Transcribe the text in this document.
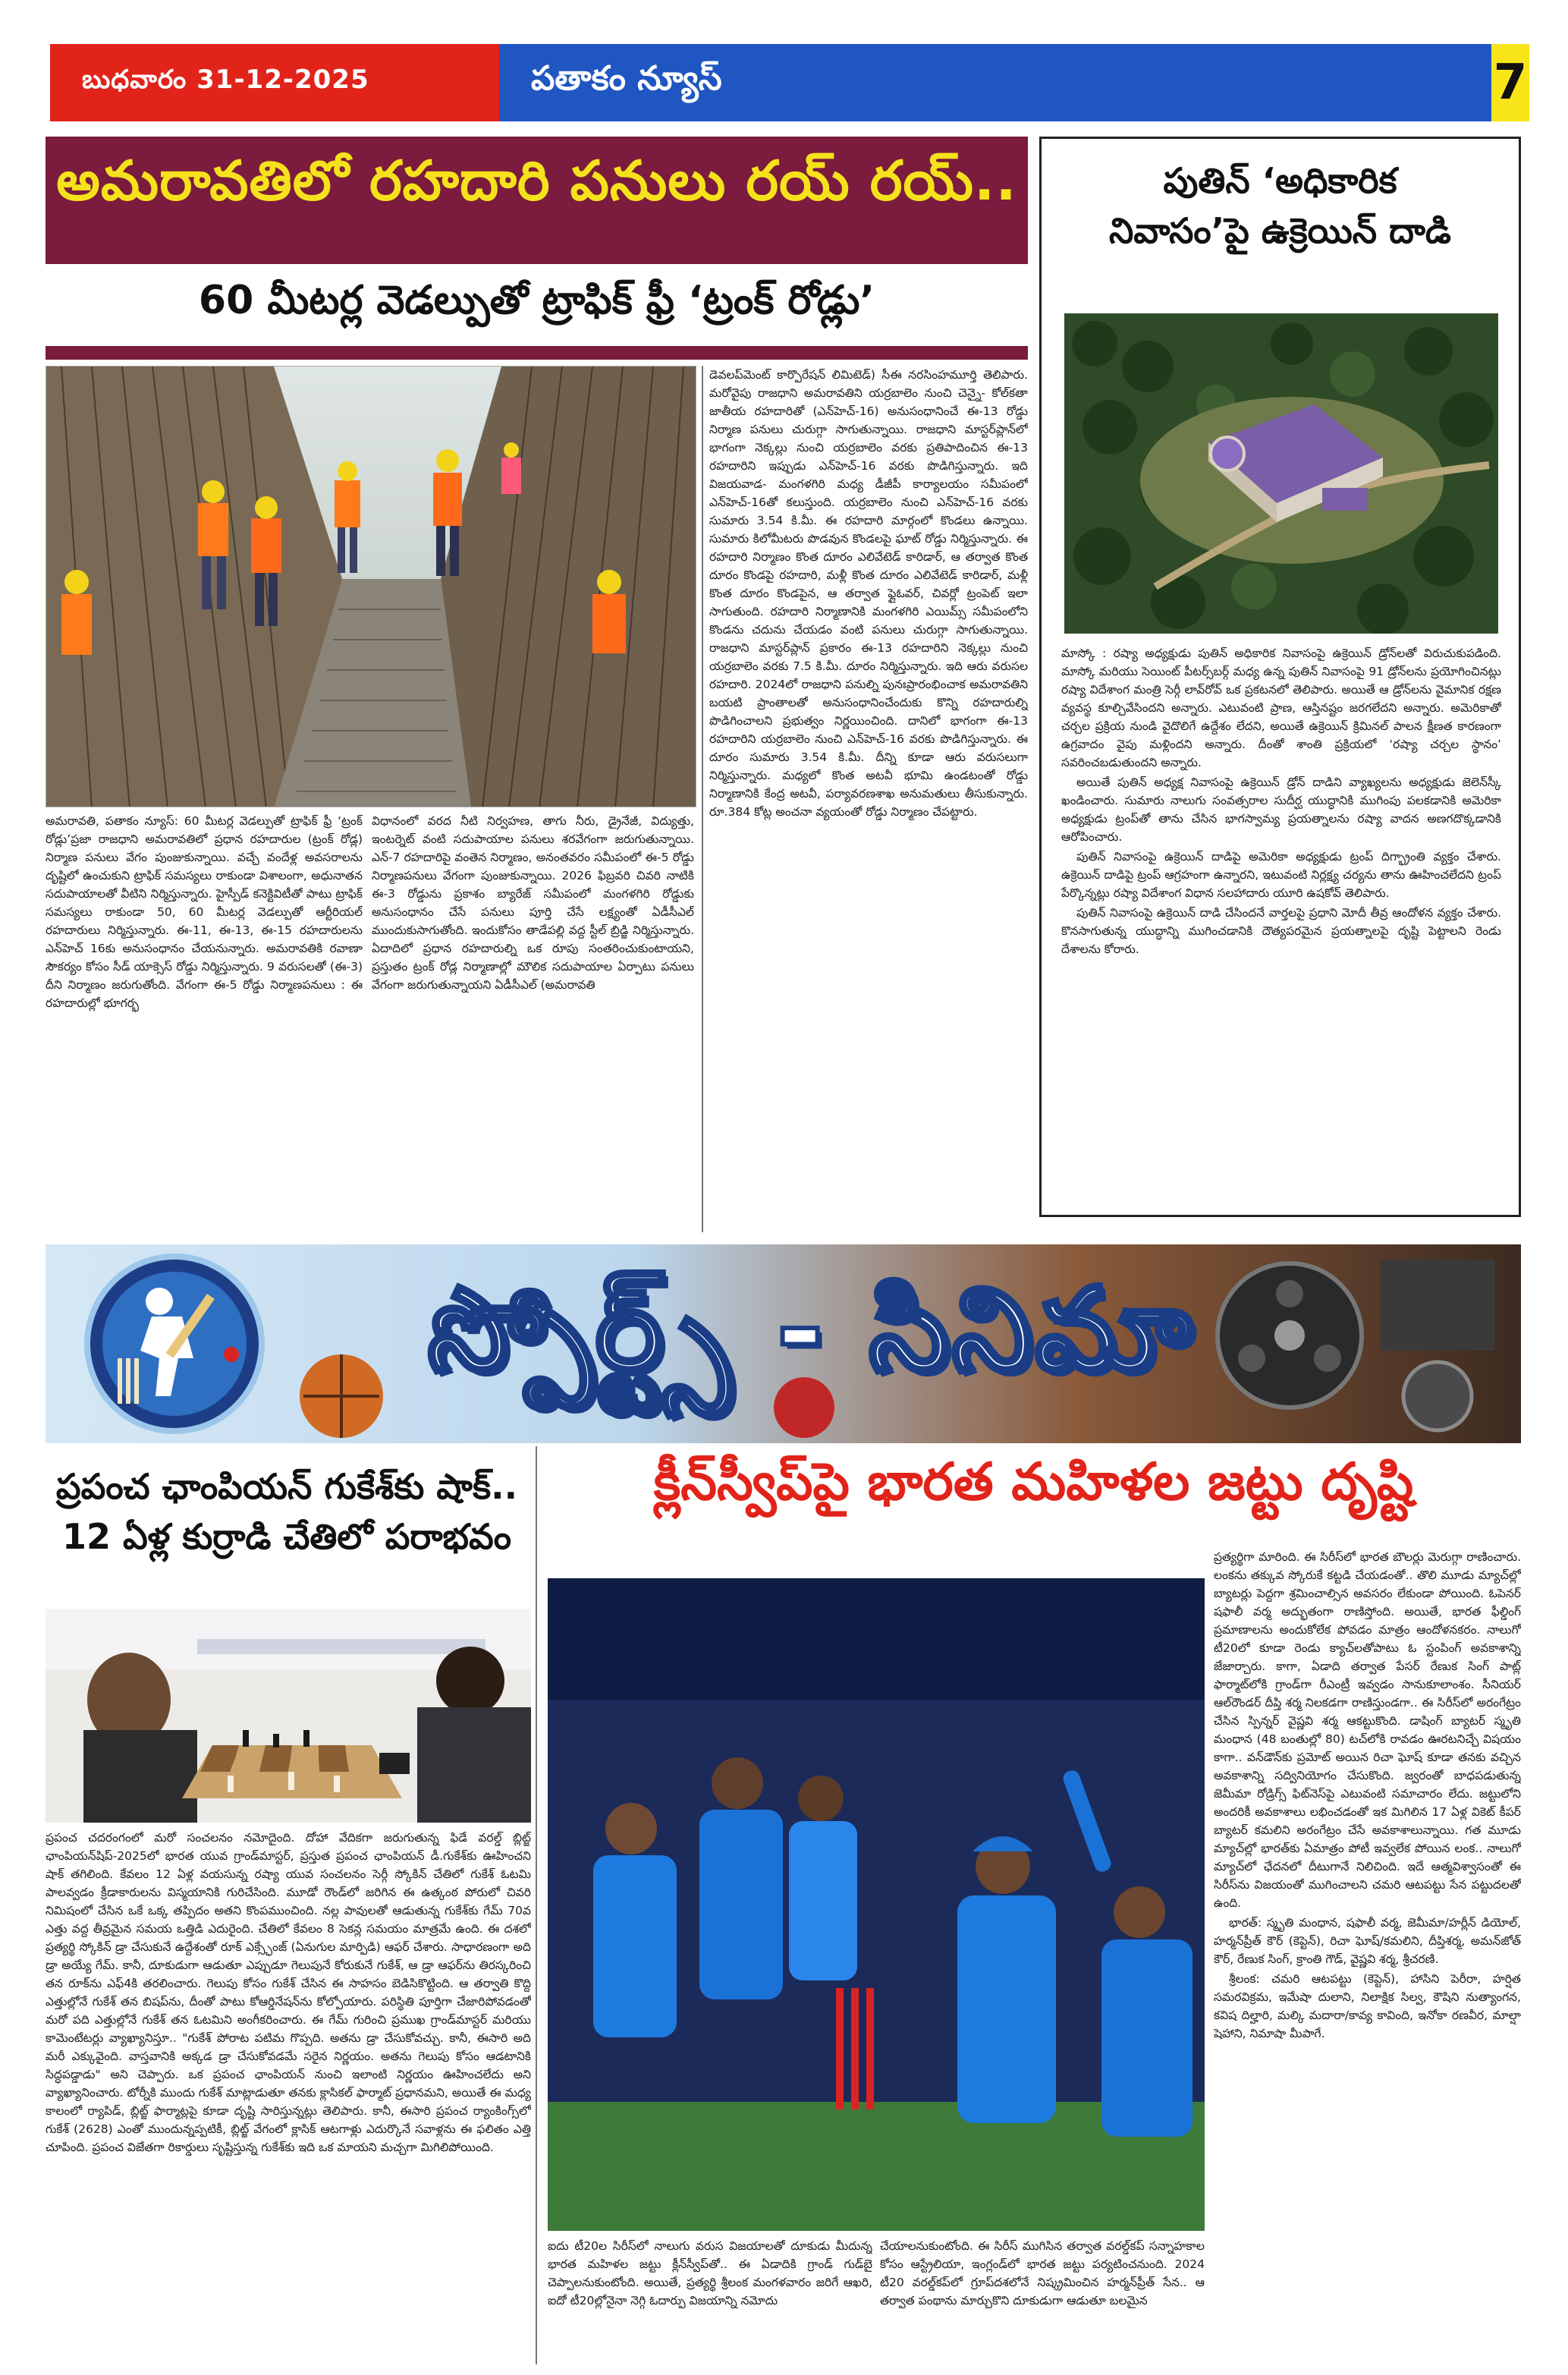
బుధవారం 31-12-2025	పతాకం న్యూస్	7
అమరావతిలో రహదారి పనులు రయ్ రయ్..
60 మీటర్ల వెడల్పుతో ట్రాఫిక్ ఫ్రీ ‘ట్రంక్ రోడ్లు’

అమరావతి, పతాకం న్యూస్: 60 మీటర్ల వెడల్పుతో ట్రాఫిక్ ఫ్రీ ‘ట్రంక్ రోడ్లు’ప్రజా రాజధాని అమరావతిలో ప్రధాన రహదారుల (ట్రంక్ రోడ్ల) నిర్మాణ పనులు వేగం పుంజుకున్నాయి. వచ్చే వందేళ్ల అవసరాలను దృష్టిలో ఉంచుకుని ట్రాఫిక్ సమస్యలు రాకుండా విశాలంగా, అధునాతన సదుపాయాలతో వీటిని నిర్మిస్తున్నారు. హైస్పీడ్ కనెక్టివిటీతో పాటు ట్రాఫిక్ సమస్యలు రాకుండా 50, 60 మీటర్ల వెడల్పుతో ఆర్టీరియల్ రహదారులు నిర్మిస్తున్నారు. ఈ-11, ఈ-13, ఈ-15 రహదారులను ఎన్‌హెచ్ 16కు అనుసంధానం చేయనున్నారు. అమరావతికి రవాణా సౌకర్యం కోసం సీడ్ యాక్సెస్ రోడ్డు నిర్మిస్తున్నారు. 9 వరుసలతో (ఈ-3) దీని నిర్మాణం జరుగుతోంది. వేగంగా ఈ-5 రోడ్డు నిర్మాణపనులు : ఈ రహదారుల్లో భూగర్భ

విధానంలో వరద నీటి నిర్వహణ, తాగు నీరు, డ్రైనేజీ, విద్యుత్తు, ఇంటర్నెట్ వంటి సదుపాయాల పనులు శరవేగంగా జరుగుతున్నాయి. ఎన్-7 రహదారిపై వంతెన నిర్మాణం, అనంతవరం సమీపంలో ఈ-5 రోడ్డు నిర్మాణపనులు వేగంగా పుంజుకున్నాయి. 2026 ఫిబ్రవరి చివరి నాటికి ఈ-3 రోడ్డును ప్రకాశం బ్యారేజ్ సమీపంలో మంగళగిరి రోడ్డుకు అనుసంధానం చేసే పనులు పూర్తి చేసే లక్ష్యంతో ఏడీసీఎల్ ముందుకుసాగుతోంది. ఇందుకోసం తాడేపల్లి వద్ద స్టీల్ బ్రిడ్జి నిర్మిస్తున్నారు. ఏదాదిలో ప్రధాన రహదారుల్ని ఒక రూపు సంతరించుకుంటాయని, ప్రస్తుతం ట్రంక్ రోడ్ల నిర్మాణాల్లో మౌలిక సదుపాయాల ఏర్పాటు పనులు వేగంగా జరుగుతున్నాయని ఏడీసీఎల్ (అమరావతి

డెవలప్‌మెంట్ కార్పొరేషన్ లిమిటెడ్) సీఈ నరసింహమూర్తి తెలిపారు. మరోవైపు రాజధాని అమరావతిని యర్రబాలెం నుంచి చెన్నై- కోల్‌కతా జాతీయ రహదారితో (ఎన్‌హెచ్-16) అనుసంధానించే ఈ-13 రోడ్డు నిర్మాణ పనులు చురుగ్గా సాగుతున్నాయి. రాజధాని మాస్టర్‌ప్లాన్‌లో భాగంగా నెక్కల్లు నుంచి యర్రబాలెం వరకు ప్రతిపాదించిన ఈ-13 రహదారిని ఇప్పుడు ఎన్‌హెచ్-16 వరకు పొడిగిస్తున్నారు. ఇది విజయవాడ- మంగళగిరి మధ్య డీజీపీ కార్యాలయం సమీపంలో ఎన్‌హెచ్-16తో కలుస్తుంది. యర్రబాలెం నుంచి ఎన్‌హెచ్-16 వరకు సుమారు 3.54 కి.మీ. ఈ రహదారి మార్గంలో కొండలు ఉన్నాయి. సుమారు కిలోమీటరు పొడవున కొండలపై ఘాట్ రోడ్డు నిర్మిస్తున్నారు. ఈ రహదారి నిర్మాణం కొంత దూరం ఎలివేటెడ్ కారిడార్, ఆ తర్వాత కొంత దూరం కొండపై రహదారి, మళ్లీ కొంత దూరం ఎలివేటెడ్ కారిడార్, మళ్లీ కొంత దూరం కొండపైన, ఆ తర్వాత ఫ్లైఓవర్, చివర్లో ట్రంపెట్ ఇలా సాగుతుంది. రహదారి నిర్మాణానికి మంగళగిరి ఎయిమ్స్ సమీపంలోని కొండను చదును చేయడం వంటి పనులు చురుగ్గా సాగుతున్నాయి. రాజధాని మాస్టర్‌ప్లాన్ ప్రకారం ఈ-13 రహదారిని నెక్కల్లు నుంచి యర్రబాలెం వరకు 7.5 కి.మీ. దూరం నిర్మిస్తున్నారు. ఇది ఆరు వరుసల రహదారి. 2024లో రాజధాని పనుల్ని పునఃప్రారంభించాక అమరావతిని బయటి ప్రాంతాలతో అనుసంధానించేందుకు కొన్ని రహదారుల్ని పొడిగించాలని ప్రభుత్వం నిర్ణయించింది. దానిలో భాగంగా ఈ-13 రహదారిని యర్రబాలెం నుంచి ఎన్‌హెచ్-16 వరకు పొడిగిస్తున్నారు. ఈ దూరం సుమారు 3.54 కి.మీ. దీన్ని కూడా ఆరు వరుసలుగా నిర్మిస్తున్నారు. మధ్యలో కొంత అటవీ భూమి ఉండటంతో రోడ్డు నిర్మాణానికి కేంద్ర అటవీ, పర్యావరణశాఖ అనుమతులు తీసుకున్నారు. రూ.384 కోట్ల అంచనా వ్యయంతో రోడ్డు నిర్మాణం చేపట్టారు.

పుతిన్ ‘అధికారిక
నివాసం’పై ఉక్రెయిన్ దాడి

మాస్కో : రష్యా అధ్యక్షుడు పుతిన్ అధికారిక నివాసంపై ఉక్రెయిన్ డ్రోన్‌లతో విరుచుకుపడింది. మాస్కో మరియు సెయింట్ పీటర్స్‌బర్గ్ మధ్య ఉన్న పుతిన్ నివాసంపై 91 డ్రోన్‌లను ప్రయోగించినట్లు రష్యా విదేశాంగ మంత్రి సెర్గీ లావ్‌రోవ్ ఒక ప్రకటనలో తెలిపారు. అయితే ఆ డ్రోన్‌లను వైమానిక రక్షణ వ్యవస్థ కూల్చివేసిందని అన్నారు. ఎటువంటి ప్రాణ, ఆస్తినష్టం జరగలేదని అన్నారు. అమెరికాతో చర్చల ప్రక్రియ నుండి వైదొలిగే ఉద్దేశం లేదని, అయితే ఉక్రెయిన్ క్రిమినల్ పాలన క్షీణత కారణంగా ఉగ్రవాదం వైపు మళ్లిందని అన్నారు. దీంతో శాంతి ప్రక్రియలో ‘రష్యా చర్చల స్థానం’ సవరించబడుతుందని అన్నారు.

అయితే పుతిన్ అధ్యక్ష నివాసంపై ఉక్రెయిన్ డ్రోన్ దాడిని వ్యాఖ్యలను అధ్యక్షుడు జెలెన్‌స్కీ ఖండించారు. సుమారు నాలుగు సంవత్సరాల సుదీర్ఘ యుద్ధానికి ముగింపు పలకడానికి అమెరికా అధ్యక్షుడు ట్రంప్‌తో తాను చేసిన భాగస్వామ్య ప్రయత్నాలను రష్యా వాదన అణగదొక్కడానికి ఆరోపించారు.

పుతిన్ నివాసంపై ఉక్రెయిన్ దాడిపై అమెరికా అధ్యక్షుడు ట్రంప్ దిగ్భ్రాంతి వ్యక్తం చేశారు. ఉక్రెయిన్ దాడిపై ట్రంప్ ఆగ్రహంగా ఉన్నారని, ఇటువంటి నిర్లక్ష్య చర్యను తాను ఊహించలేదని ట్రంప్ పేర్కొన్నట్లు రష్యా విదేశాంగ విధాన సలహాదారు యూరి ఉషకోవ్ తెలిపారు.

పుతిన్ నివాసంపై ఉక్రెయిన్ దాడి చేసిందనే వార్తలపై ప్రధాని మోదీ తీవ్ర ఆందోళన వ్యక్తం చేశారు. కొనసాగుతున్న యుద్ధాన్ని ముగించడానికి దౌత్యపరమైన ప్రయత్నాలపై దృష్టి పెట్టాలని రెండు దేశాలను కోరారు.

స్పోర్ట్స్ - సినిమా
ప్రపంచ ఛాంపియన్ గుకేశ్‌కు షాక్..
12 ఏళ్ల కుర్రాడి చేతిలో పరాభవం

ప్రపంచ చదరంగంలో మరో సంచలనం నమోదైంది. దోహా వేదికగా జరుగుతున్న ఫిడే వరల్డ్ బ్లిట్జ్ ఛాంపియన్‌షిప్-2025లో భారత యువ గ్రాండ్‌మాస్టర్, ప్రస్తుత ప్రపంచ ఛాంపియన్ డీ.గుకేశ్‌కు ఊహించని షాక్ తగిలింది. కేవలం 12 ఏళ్ల వయసున్న రష్యా యువ సంచలనం సెర్గీ స్కోకిన్ చేతిలో గుకేశ్ ఓటమి పాలవ్వడం క్రీడాకారులను విస్మయానికి గురిచేసింది. మూడో రౌండ్‌లో జరిగిన ఈ ఉత్కంఠ పోరులో చివరి నిమిషంలో చేసిన ఒకే ఒక్క తప్పిదం అతని కొంపముంచింది. నల్ల పావులతో ఆడుతున్న గుకేశ్‌కు గేమ్ 70వ ఎత్తు వద్ద తీవ్రమైన సమయ ఒత్తిడి ఎదురైంది. చేతిలో కేవలం 8 సెకన్ల సమయం మాత్రమే ఉంది. ఈ దశలో ప్రత్యర్థి స్కోకిన్ డ్రా చేసుకునే ఉద్దేశంతో రూక్ ఎక్స్ఛేంజ్ (ఏనుగుల మార్పిడి) ఆఫర్ చేశారు. సాధారణంగా అది డ్రా అయ్యే గేమ్. కానీ, దూకుడుగా ఆడుతూ ఎప్పుడూ గెలుపునే కోరుకునే గుకేశ్, ఆ డ్రా ఆఫర్‌ను తిరస్కరించి తన రూక్‌ను ఎఫ్4కి తరలించారు. గెలుపు కోసం గుకేశ్ చేసిన ఈ సాహసం బెడిసికొట్టింది. ఆ తర్వాతి కొద్ది ఎత్తుల్లోనే గుకేశ్ తన బిషప్‌ను, దీంతో పాటు కోఆర్డినేషన్‌ను కోల్పోయారు. పరిస్థితి పూర్తిగా చేజారిపోవడంతో మరో పది ఎత్తుల్లోనే గుకేశ్ తన ఓటమిని అంగీకరించారు. ఈ గేమ్ గురించి ప్రముఖ గ్రాండ్‌మాస్టర్ మరియు కామెంటేటర్లు వ్యాఖ్యానిస్తూ.. "గుకేశ్ పోరాట పటిమ గొప్పది. అతను డ్రా చేసుకోవచ్చు. కానీ, ఈసారి అది మరీ ఎక్కువైంది. వాస్తవానికి అక్కడ డ్రా చేసుకోవడమే సరైన నిర్ణయం. అతను గెలుపు కోసం ఆడటానికి సిద్ధపడ్డాడు" అని చెప్పారు. ఒక ప్రపంచ ఛాంపియన్ నుంచి ఇలాంటి నిర్ణయం ఊహించలేదు అని వ్యాఖ్యానించారు. టోర్నీకి ముందు గుకేశ్ మాట్లాడుతూ తనకు క్లాసికల్ ఫార్మాట్ ప్రధానమని, అయితే ఈ మధ్య కాలంలో ర్యాపిడ్, బ్లిట్జ్ ఫార్మాట్లపై కూడా దృష్టి సారిస్తున్నట్లు తెలిపారు. కానీ, ఈసారి ప్రపంచ ర్యాంకింగ్స్‌లో గుకేశ్ (2628) ఎంతో ముందున్నప్పటికీ, బ్లిట్జ్ వేగంలో క్లాసిక్ ఆటగాళ్లు ఎదుర్కొనే సవాళ్లను ఈ ఫలితం ఎత్తి చూపింది. ప్రపంచ విజేతగా రికార్డులు సృష్టిస్తున్న గుకేశ్‌కు ఇది ఒక మాయని మచ్చగా మిగిలిపోయింది.

క్లీన్‌స్వీప్‌పై భారత మహిళల జట్టు దృష్టి

ఐదు టీ20ల సిరీస్‌లో నాలుగు వరుస విజయాలతో దూకుడు మీదున్న భారత మహిళల జట్టు క్లీన్‌స్వీప్‌తో.. ఈ ఏడాదికి గ్రాండ్ గుడ్‌బై చెప్పాలనుకుంటోంది. అయితే, ప్రత్యర్థి శ్రీలంక మంగళవారం జరిగే ఆఖరి, ఐదో టీ20ల్లోనైనా నెగ్గి ఓదార్పు విజయాన్ని నమోదు

చేయాలనుకుంటోంది. ఈ సిరీస్ ముగిసిన తర్వాత వరల్డ్‌కప్ సన్నాహకాల కోసం ఆస్ట్రేలియా, ఇంగ్లండ్‌లో భారత జట్టు పర్యటించనుంది. 2024 టీ20 వరల్డ్‌కప్‌లో గ్రూప్‌దశలోనే నిష్క్రమించిన హర్మన్‌ప్రీత్ సేన.. ఆ తర్వాత పంథాను మార్చుకొని దూకుడుగా ఆడుతూ బలమైన

ప్రత్యర్థిగా మారింది. ఈ సిరీస్‌లో భారత బౌలర్లు మెరుగ్గా రాణించారు. లంకను తక్కువ స్కోరుకే కట్టడి చేయడంతో.. తొలి మూడు మ్యాచ్‌ల్లో బ్యాటర్లు పెద్దగా శ్రమించాల్సిన అవసరం లేకుండా పోయింది. ఓపెనర్ షఫాలీ వర్మ అద్భుతంగా రాణిస్తోంది. అయితే, భారత ఫీల్డింగ్ ప్రమాణాలను అందుకోలేక పోవడం మాత్రం ఆందోళనకరం. నాలుగో టీ20లో కూడా రెండు క్యాచ్‌లతోపాటు ఓ స్టంపింగ్ అవకాశాన్ని జేజార్చారు. కాగా, ఏడాది తర్వాత పేసర్ రేణుక సింగ్ పాట్ల్ ఫార్మాట్‌లోకి గ్రాండ్‌గా రీఎంట్రీ ఇవ్వడం సానుకూలాంశం. సీనియర్ ఆల్‌రౌండర్ దీప్తి శర్మ నిలకడగా రాణిస్తుండగా.. ఈ సిరీస్‌లో అరంగేట్రం చేసిన స్పిన్నర్ వైష్ణవి శర్మ ఆకట్టుకొంది. డాషింగ్ బ్యాటర్ స్మృతి మంధాన (48 బంతుల్లో 80) టచ్‌లోకి రావడం ఊరటనిచ్చే విషయం కాగా.. వన్‌డౌన్‌కు ప్రమోట్ అయిన రిచా ఘోష్ కూడా తనకు వచ్చిన అవకాశాన్ని సద్వినియోగం చేసుకొంది. జ్వరంతో బాధపడుతున్న జెమీమా రోడ్రిగ్స్ ఫిట్‌నెస్‌పై ఎటువంటి సమాచారం లేదు. జట్టులోని అందరికీ అవకాశాలు లభించడంతో ఇక మిగిలిన 17 ఏళ్ల వికెట్ కీపర్ బ్యాటర్ కమలిని అరంగేట్రం చేసే అవకాశాలున్నాయి. గత మూడు మ్యాచ్‌ల్లో భారత్‌కు ఏమాత్రం పోటీ ఇవ్వలేక పోయిన లంక.. నాలుగో మ్యాచ్‌లో ఛేదనలో దీటుగానే నిలిచింది. ఇదే ఆత్మవిశ్వాసంతో ఈ సిరీస్‌ను విజయంతో ముగించాలని చమరి ఆటపట్టు సేన పట్టుదలతో ఉంది.

భారత్: స్మృతి మంధాన, షఫాలీ వర్మ, జెమీమా/హర్లీన్ డియోల్, హర్మన్‌ప్రీత్ కౌర్ (కెప్టెన్), రిచా ఘోష్/కమలిని, దీప్తిశర్మ, అమన్‌జోత్ కౌర్, రేణుక సింగ్, క్రాంతి గౌడ్, వైష్ణవి శర్మ, శ్రీచరణి.

శ్రీలంక: చమరి ఆటపట్టు (కెప్టెన్), హాసిని పెరీరా, హర్షిత సమరవిక్రమ, ఇమేషా దులాని, నిలాక్షిక సిల్వ, కౌషిని నుత్యాంగన, కవిష దిల్హారి, మల్కి మదారా/కావ్య కావింది, ఇనోకా రణవీర, మాల్షా షెహాని, నిమాషా మీపాగే.
